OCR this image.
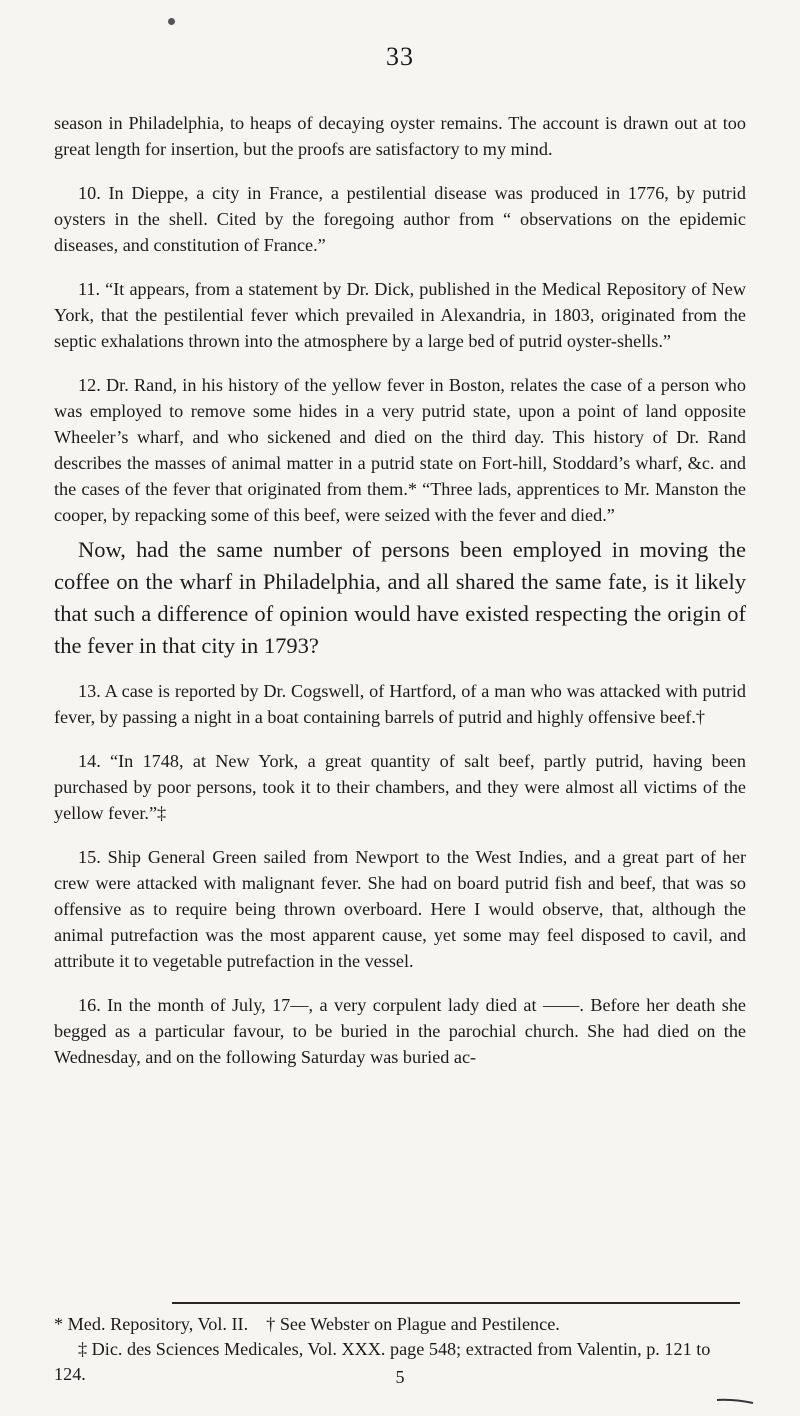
33

season in Philadelphia, to heaps of decaying oyster remains. The account is drawn out at too great length for insertion, but the proofs are satisfactory to my mind.

10. In Dieppe, a city in France, a pestilential disease was produced in 1776, by putrid oysters in the shell. Cited by the foregoing author from “ observations on the epidemic diseases, and constitution of France.”

11. “It appears, from a statement by Dr. Dick, published in the Medical Repository of New York, that the pestilential fever which prevailed in Alexandria, in 1803, originated from the septic exhalations thrown into the atmosphere by a large bed of putrid oyster-shells.”

12. Dr. Rand, in his history of the yellow fever in Boston, relates the case of a person who was employed to remove some hides in a very putrid state, upon a point of land opposite Wheeler’s wharf, and who sickened and died on the third day. This history of Dr. Rand describes the masses of animal matter in a putrid state on Fort-hill, Stoddard’s wharf, &c. and the cases of the fever that originated from them.* “Three lads, apprentices to Mr. Manston the cooper, by repacking some of this beef, were seized with the fever and died.”

Now, had the same number of persons been employed in moving the coffee on the wharf in Philadelphia, and all shared the same fate, is it likely that such a difference of opinion would have existed respecting the origin of the fever in that city in 1793?

13. A case is reported by Dr. Cogswell, of Hartford, of a man who was attacked with putrid fever, by passing a night in a boat containing barrels of putrid and highly offensive beef.†

14. “In 1748, at New York, a great quantity of salt beef, partly putrid, having been purchased by poor persons, took it to their chambers, and they were almost all victims of the yellow fever.”‡

15. Ship General Green sailed from Newport to the West Indies, and a great part of her crew were attacked with malignant fever. She had on board putrid fish and beef, that was so offensive as to require being thrown overboard. Here I would observe, that, although the animal putrefaction was the most apparent cause, yet some may feel disposed to cavil, and attribute it to vegetable putrefaction in the vessel.

16. In the month of July, 17—, a very corpulent lady died at ——. Before her death she begged as a particular favour, to be buried in the parochial church. She had died on the Wednesday, and on the following Saturday was buried ac-

* Med. Repository, Vol. II. † See Webster on Plague and Pestilence.
‡ Dic. des Sciences Medicales, Vol. XXX. page 548; extracted from Valentin, p. 121 to 124.	5
